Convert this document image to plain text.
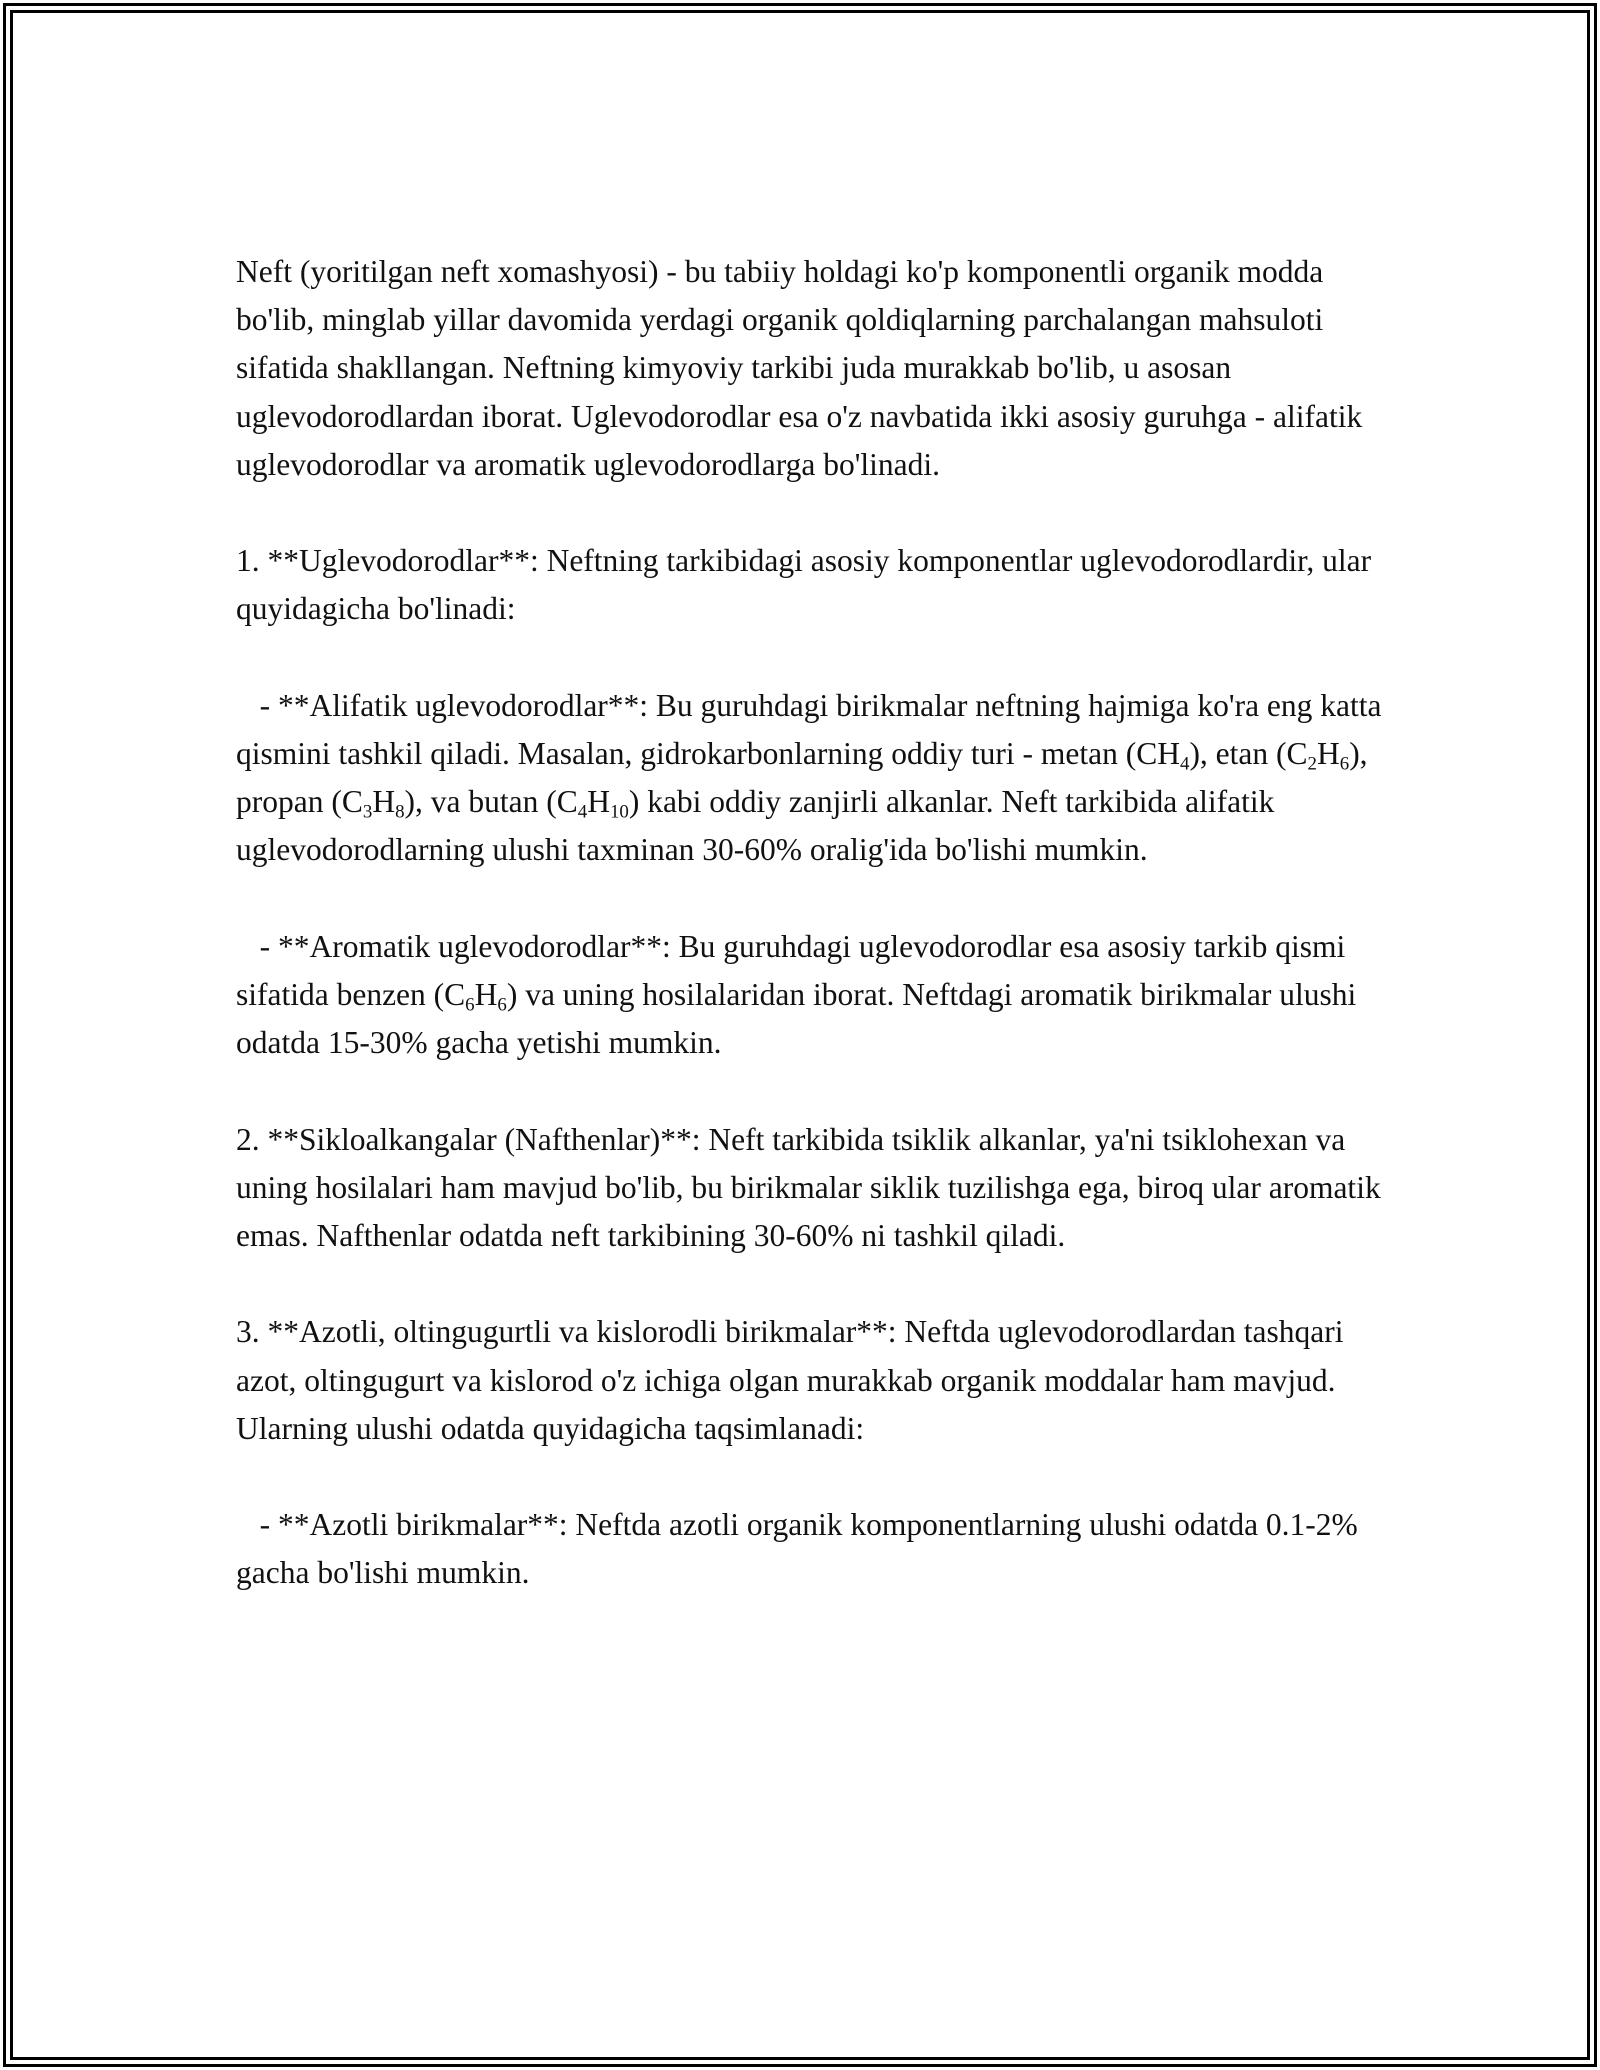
Neft (yoritilgan neft xomashyosi) - bu tabiiy holdagi ko'p komponentli organik modda bo'lib, minglab yillar davomida yerdagi organik qoldiqlarning parchalangan mahsuloti sifatida shakllangan. Neftning kimyoviy tarkibi juda murakkab bo'lib, u asosan uglevodorodlardan iborat. Uglevodorodlar esa o'z navbatida ikki asosiy guruhga - alifatik uglevodorodlar va aromatik uglevodorodlarga bo'linadi.

1. **Uglevodorodlar**: Neftning tarkibidagi asosiy komponentlar uglevodorodlardir, ular quyidagicha bo'linadi:

- **Alifatik uglevodorodlar**: Bu guruhdagi birikmalar neftning hajmiga ko'ra eng katta qismini tashkil qiladi. Masalan, gidrokarbonlarning oddiy turi - metan $(CH_4)$, etan $(C_2H_6)$, propan $(C_3H_8)$, va butan $(C_4H_{10})$ kabi oddiy zanjirli alkanlar. Neft tarkibida alifatik uglevodorodlarning ulushi taxminan 30-60% oralig'ida bo'lishi mumkin.

- **Aromatik uglevodorodlar**: Bu guruhdagi uglevodorodlar esa asosiy tarkib qismi sifatida benzen $(C_6H_6)$ va uning hosilalaridan iborat. Neftdagi aromatik birikmalar ulushi odatda 15-30% gacha yetishi mumkin.

2. **Sikloalkangalar (Nafthenlar)**: Neft tarkibida tsiklik alkanlar, ya'ni tsiklohexan va uning hosilalari ham mavjud bo'lib, bu birikmalar siklik tuzilishga ega, biroq ular aromatik emas. Nafthenlar odatda neft tarkibining 30-60% ni tashkil qiladi.

3. **Azotli, oltingugurtli va kislorodli birikmalar**: Neftda uglevodorodlardan tashqari azot, oltingugurt va kislorod o'z ichiga olgan murakkab organik moddalar ham mavjud. Ularning ulushi odatda quyidagicha taqsimlanadi:

- **Azotli birikmalar**: Neftda azotli organik komponentlarning ulushi odatda 0.1-2% gacha bo'lishi mumkin.
